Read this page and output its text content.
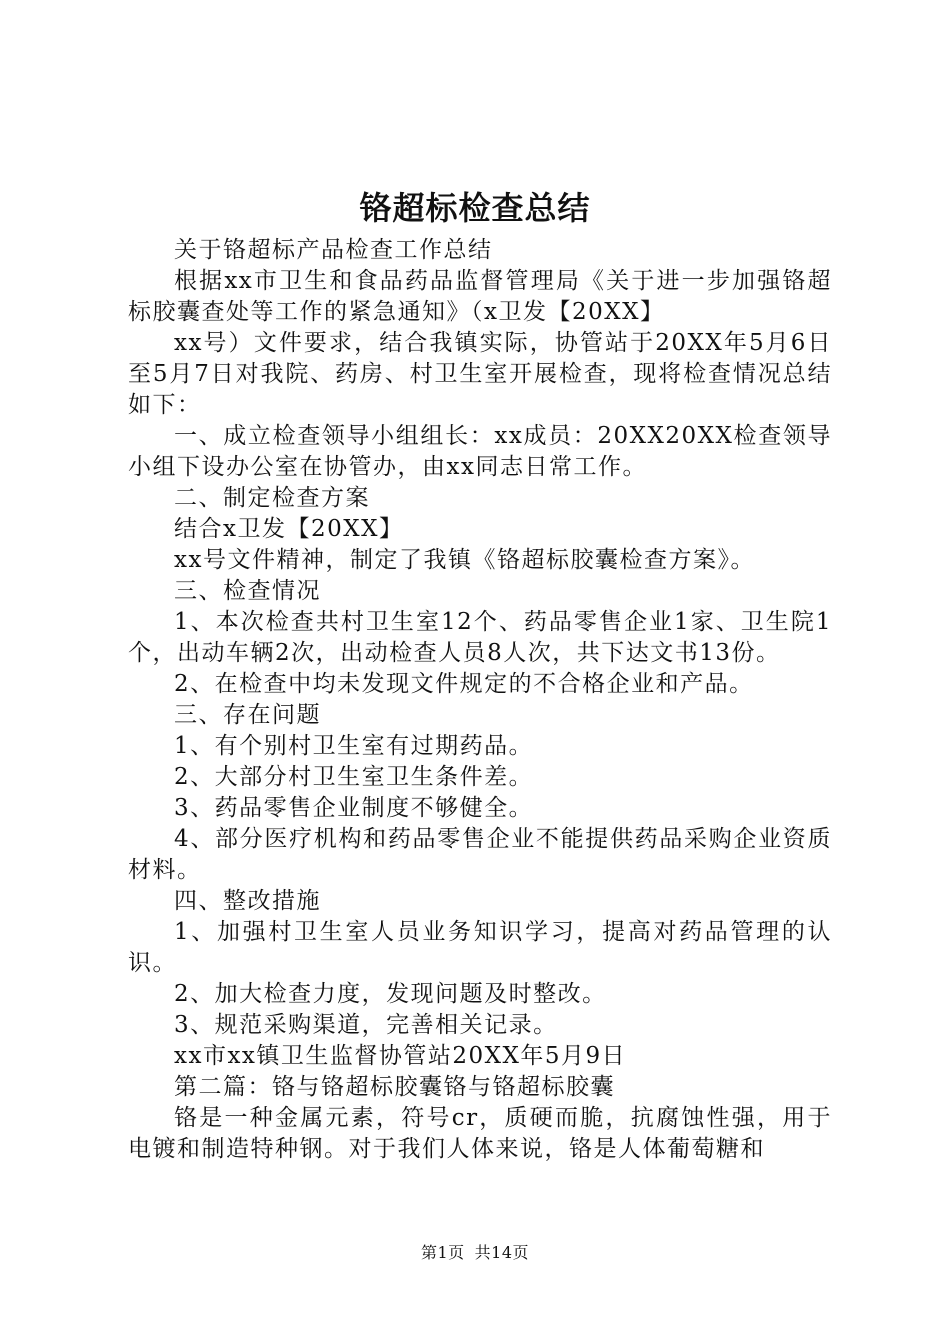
铬超标检查总结

关于铬超标产品检查工作总结

根据xx市卫生和食品药品监督管理局《关于进一步加强铬超标胶囊查处等工作的紧急通知》（x卫发【20XX】

xx号）文件要求，结合我镇实际，协管站于20XX年5月6日至5月7日对我院、药房、村卫生室开展检查，现将检查情况总结如下：

一、成立检查领导小组组长：xx成员：20XX20XX检查领导小组下设办公室在协管办，由xx同志日常工作。

二、制定检查方案

结合x卫发【20XX】

xx号文件精神，制定了我镇《铬超标胶囊检查方案》。

三、检查情况

1、本次检查共村卫生室12个、药品零售企业1家、卫生院1个，出动车辆2次，出动检查人员8人次，共下达文书13份。

2、在检查中均未发现文件规定的不合格企业和产品。

三、存在问题

1、有个别村卫生室有过期药品。

2、大部分村卫生室卫生条件差。

3、药品零售企业制度不够健全。

4、部分医疗机构和药品零售企业不能提供药品采购企业资质材料。

四、整改措施

1、加强村卫生室人员业务知识学习，提高对药品管理的认识。

2、加大检查力度，发现问题及时整改。

3、规范采购渠道，完善相关记录。

xx市xx镇卫生监督协管站20XX年5月9日

第二篇：铬与铬超标胶囊铬与铬超标胶囊

铬是一种金属元素，符号cr，质硬而脆，抗腐蚀性强，用于电镀和制造特种钢。对于我们人体来说，铬是人体葡萄糖和

第1页 共14页
